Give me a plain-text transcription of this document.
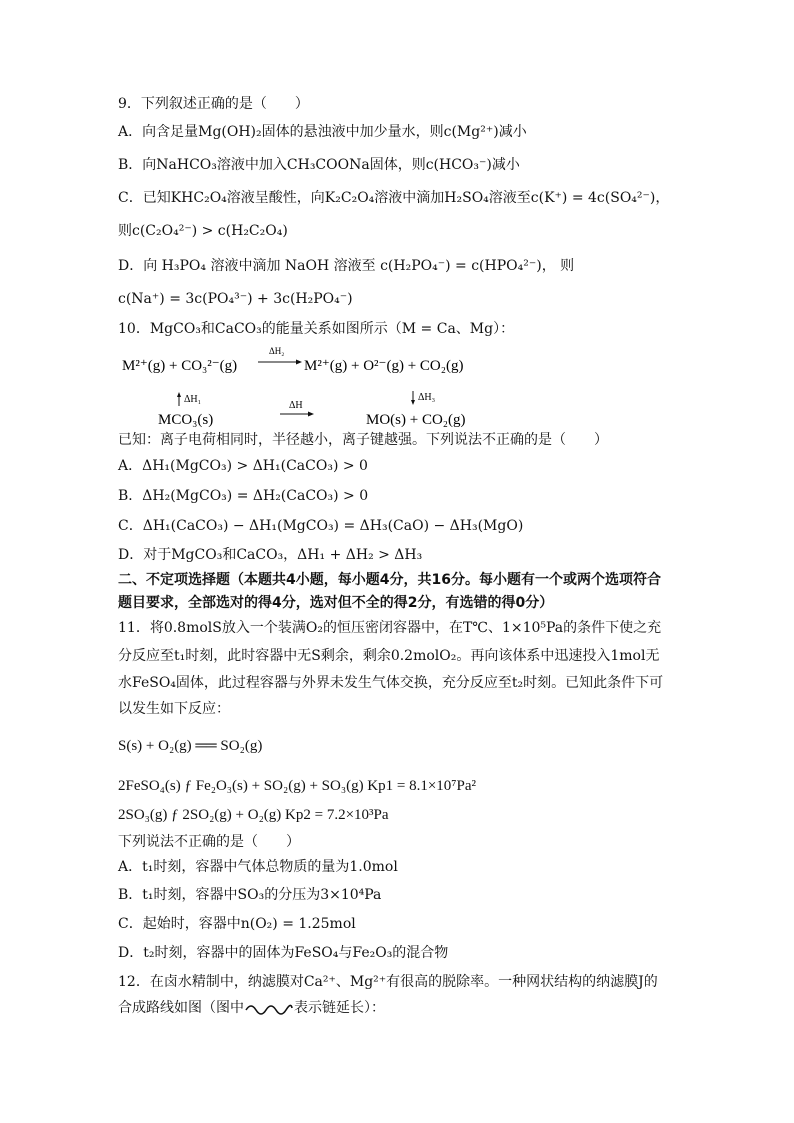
9．下列叙述正确的是（　　）
A．向含足量Mg(OH)₂固体的悬浊液中加少量水，则c(Mg²⁺)减小
B．向NaHCO₃溶液中加入CH₃COONa固体，则c(HCO₃⁻)减小
C．已知KHC₂O₄溶液呈酸性，向K₂C₂O₄溶液中滴加H₂SO₄溶液至c(K⁺) = 4c(SO₄²⁻)，
则c(C₂O₄²⁻) > c(H₂C₂O₄)
D．向 H₃PO₄ 溶液中滴加 NaOH 溶液至 c(H₂PO₄⁻) = c(HPO₄²⁻)， 则
c(Na⁺) = 3c(PO₄³⁻) + 3c(H₂PO₄⁻)
10．MgCO₃和CaCO₃的能量关系如图所示（M = Ca、Mg）：
M²⁺(g) + CO₃²⁻(g)
ΔH₂
M²⁺(g) + O²⁻(g) + CO₂(g)
ΔH₁	ΔH₃
MCO₃(s)
ΔH
MO(s) + CO₂(g)
已知：离子电荷相同时，半径越小，离子键越强。下列说法不正确的是（　　）
A．ΔH₁(MgCO₃) > ΔH₁(CaCO₃) > 0
B．ΔH₂(MgCO₃) = ΔH₂(CaCO₃) > 0
C．ΔH₁(CaCO₃) − ΔH₁(MgCO₃) = ΔH₃(CaO) − ΔH₃(MgO)
D．对于MgCO₃和CaCO₃，ΔH₁ + ΔH₂ > ΔH₃
二、不定项选择题（本题共4小题，每小题4分，共16分。每小题有一个或两个选项符合
题目要求，全部选对的得4分，选对但不全的得2分，有选错的得0分）
11．将0.8molS放入一个装满O₂的恒压密闭容器中，在T℃、1×10⁵Pa的条件下使之充
分反应至t₁时刻，此时容器中无S剩余，剩余0.2molO₂。再向该体系中迅速投入1mol无
水FeSO₄固体，此过程容器与外界未发生气体交换，充分反应至t₂时刻。已知此条件下可
以发生如下反应：
S(s) + O₂(g) ══ SO₂(g)
2FeSO₄(s) ƒ Fe₂O₃(s) + SO₂(g) + SO₃(g) Kp1 = 8.1×10⁷Pa²
2SO₃(g) ƒ 2SO₂(g) + O₂(g) Kp2 = 7.2×10³Pa
下列说法不正确的是（　　）
A．t₁时刻，容器中气体总物质的量为1.0mol
B．t₁时刻，容器中SO₃的分压为3×10⁴Pa
C．起始时，容器中n(O₂) = 1.25mol
D．t₂时刻，容器中的固体为FeSO₄与Fe₂O₃的混合物
12．在卤水精制中，纳滤膜对Ca²⁺、Mg²⁺有很高的脱除率。一种网状结构的纳滤膜J的
合成路线如图（图中	表示链延长）：
